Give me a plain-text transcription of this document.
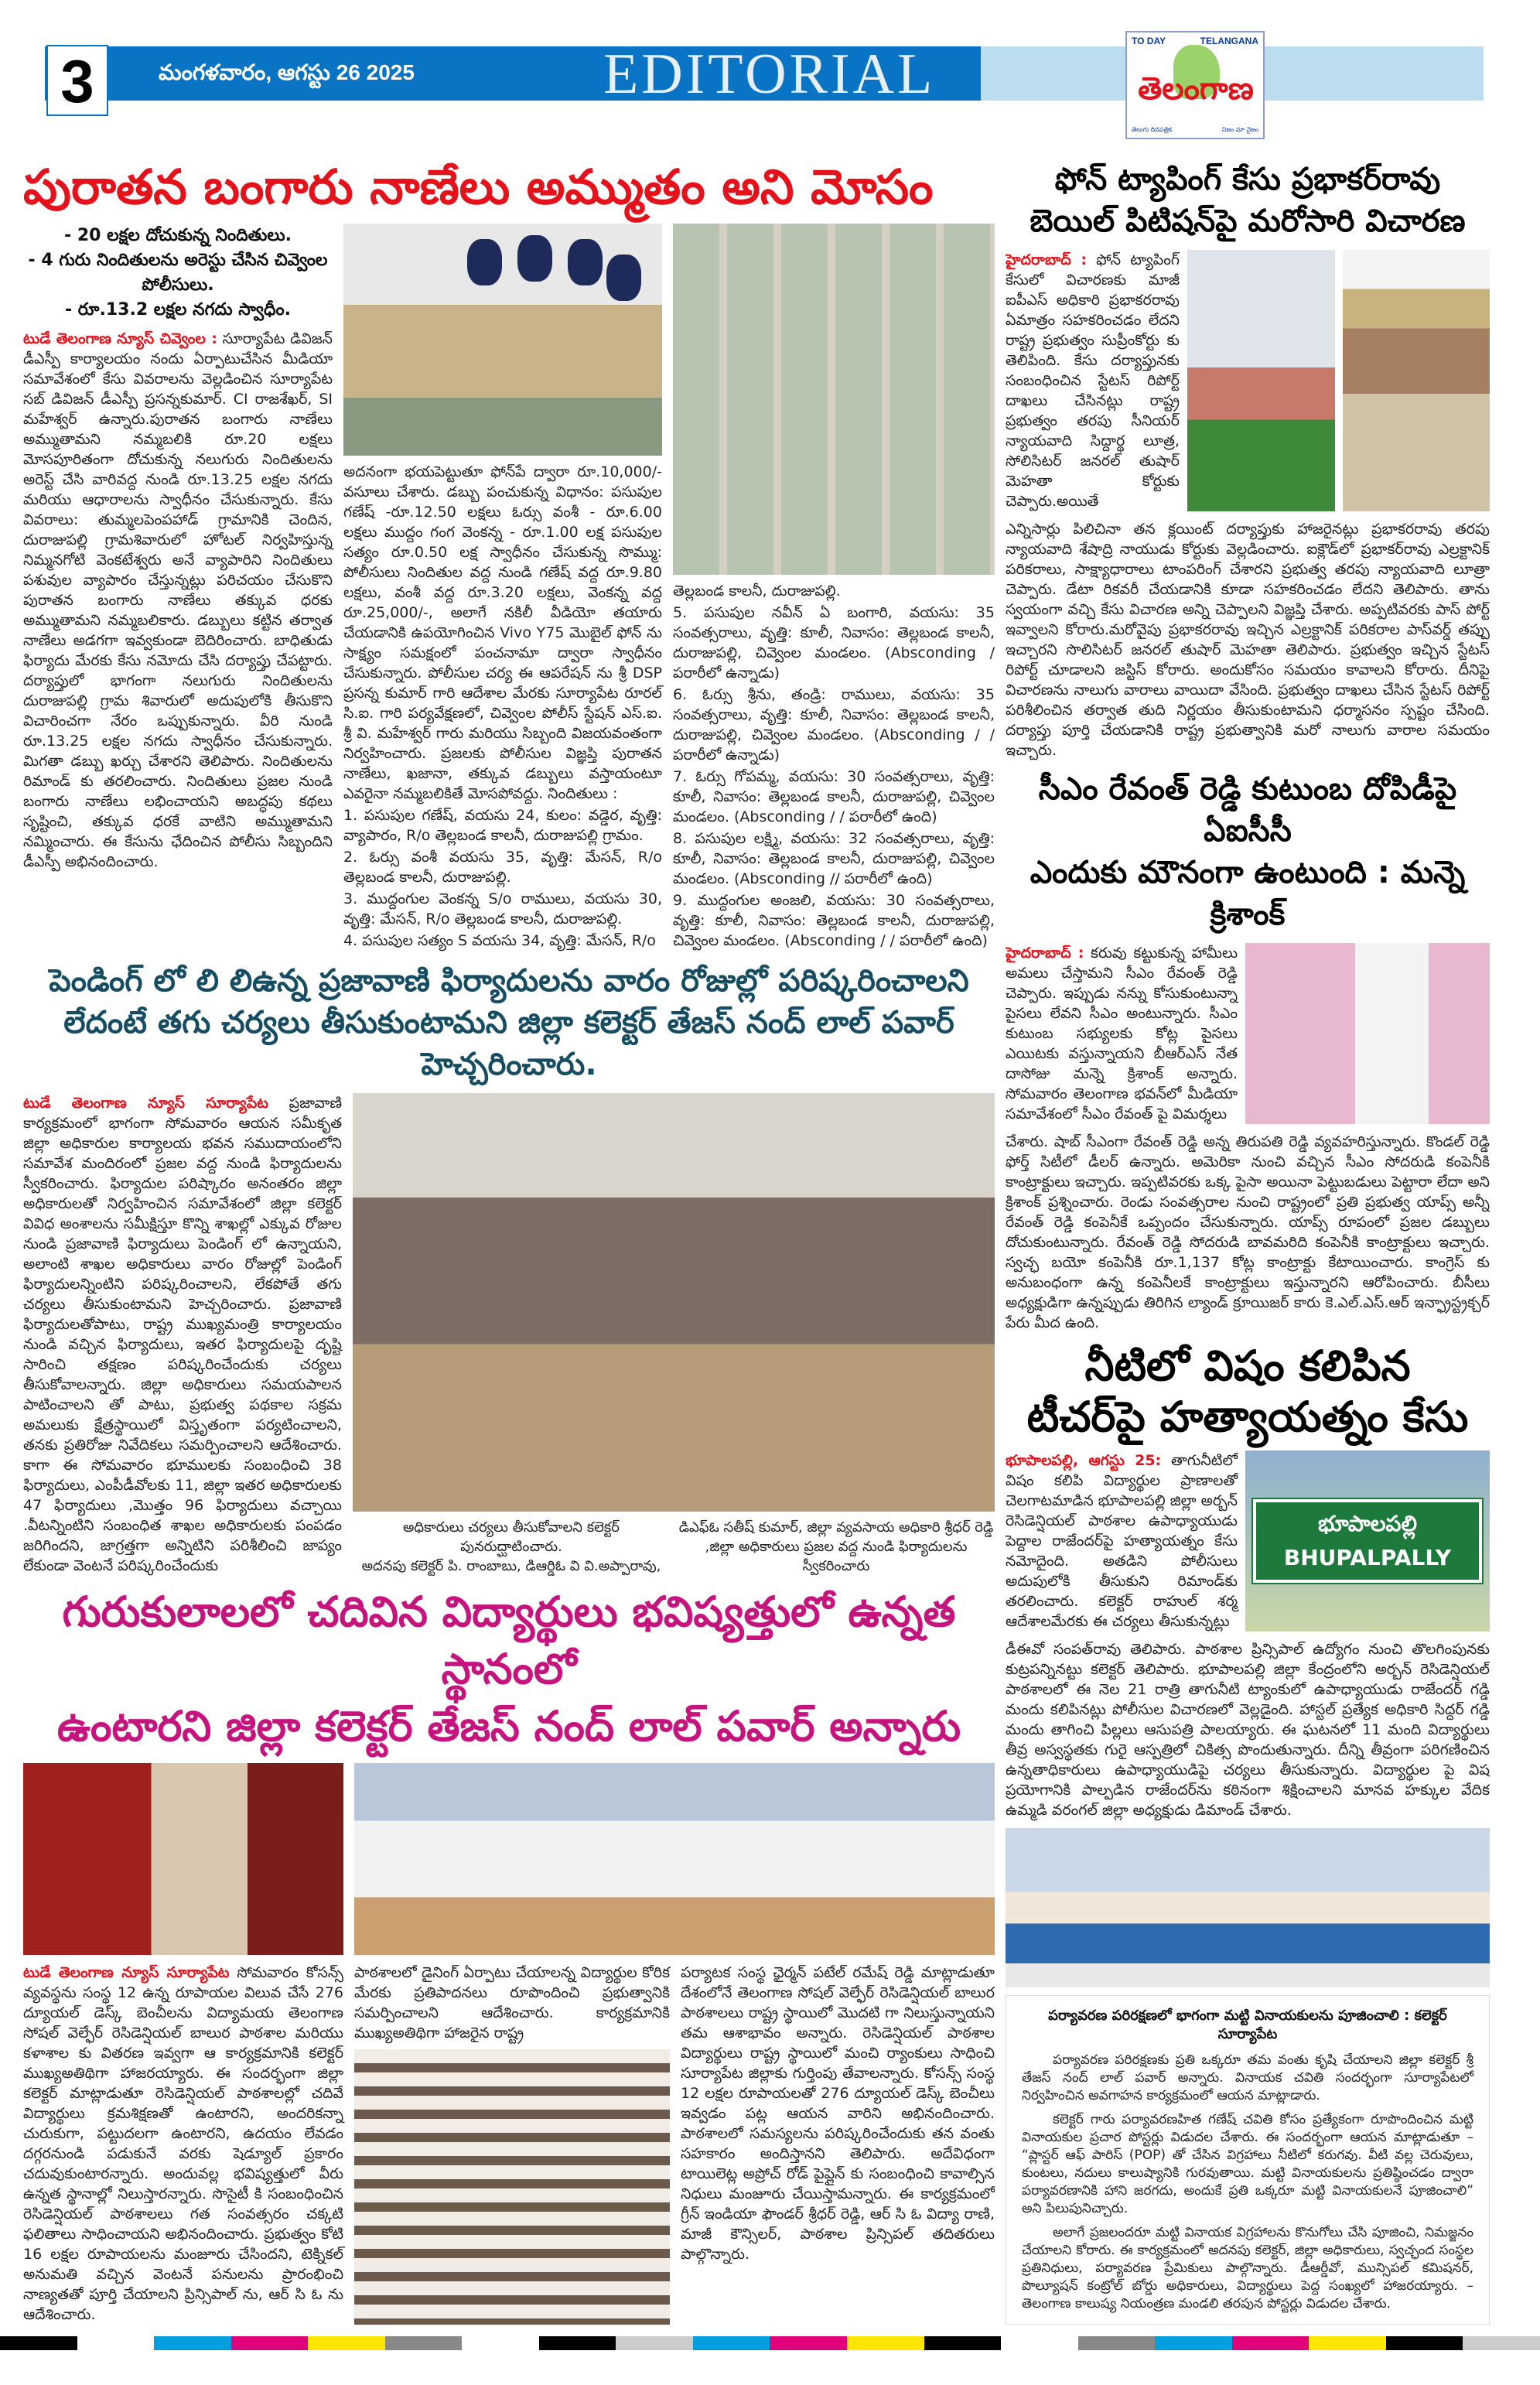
3	మంగళవారం, ఆగస్టు 26 2025	EDITORIAL
TO DAY	TELANGANA
తెలంగాణ
తెలుగు దినపత్రిక	నిజం మా నైజం
పురాతన బంగారు నాణేలు అమ్ముతం అని మోసం
- 20 లక్షల దోచుకున్న నిందితులు.
- 4 గురు నిందితులను అరెస్టు చేసిన చివ్వెంల పోలీసులు.
- రూ.13.2 లక్షల నగదు స్వాధీం.
టుడే తెలంగాణ న్యూస్ చివ్వెంల : సూర్యాపేట డివిజన్ డీఎస్పీ కార్యాలయం నందు ఏర్పాటుచేసిన మీడియా సమావేశంలో కేసు వివరాలను వెల్లడించిన సూర్యాపేట సబ్ డివిజన్ డీఎస్పీ ప్రసన్నకుమార్. CI రాజశేఖర్, SI మహేశ్వర్ ఉన్నారు.పురాతన బంగారు నాణేలు అమ్ముతామని నమ్మబలికి రూ.20 లక్షలు మోసపూరితంగా దోచుకున్న నలుగురు నిందితులను అరెస్ట్ చేసి వారివద్ద నుండి రూ.13.25 లక్షల నగదు మరియు ఆధారాలను స్వాధీనం చేసుకున్నారు. కేసు వివరాలు: తుమ్మలపెంపహాడ్ గ్రామానికి చెందిన, దురాజుపల్లి గ్రామశివారులో హోటల్ నిర్వహిస్తున్న నిమ్మనగోటి వెంకటేశ్వరు అనే వ్యాపారిని నిందితులు పశువుల వ్యాపారం చేస్తున్నట్లు పరిచయం చేసుకొని పురాతన బంగారు నాణేలు తక్కువ ధరకు అమ్ముతామని నమ్మబలికారు. డబ్బులు కట్టిన తర్వాత నాణేలు అడగగా ఇవ్వకుండా బెదిరించారు. బాధితుడు ఫిర్యాదు మేరకు కేసు నమోదు చేసి దర్యాప్తు చేపట్టారు. దర్యాప్తులో భాగంగా నలుగురు నిందితులను దురాజుపల్లి గ్రామ శివారులో అదుపులోకి తీసుకొని విచారించగా నేరం ఒప్పుకున్నారు. వీరి నుండి రూ.13.25 లక్షల నగదు స్వాధీనం చేసుకున్నారు. మిగతా డబ్బు ఖర్చు చేశారని తెలిపారు. నిందితులను రిమాండ్ కు తరలించారు. నిందితులు ప్రజల నుండి బంగారు నాణేలు లభించాయని అబద్ధపు కథలు సృష్టించి, తక్కువ ధరకే వాటిని అమ్ముతామని నమ్మించారు. ఈ కేసును ఛేదించిన పోలీసు సిబ్బందిని డీఎస్పీ అభినందించారు.

అదనంగా భయపెట్టుతూ ఫోన్‌పే ద్వారా రూ.10,000/- వసూలు చేశారు. డబ్బు పంచుకున్న విధానం: పసుపుల గణేష్ -రూ.12.50 లక్షలు ఓర్సు వంశీ - రూ.6.00 లక్షలు ముద్దం గంగ వెంకన్న - రూ.1.00 లక్ష పసుపుల సత్యం రూ.0.50 లక్ష స్వాధీనం చేసుకున్న సొమ్ము: పోలీసులు నిందితుల వద్ద నుండి గణేష్ వద్ద రూ.9.80 లక్షలు, వంశీ వద్ద రూ.3.20 లక్షలు, వెంకన్న వద్ద రూ.25,000/-, అలాగే నకిలీ వీడియో తయారు చేయడానికి ఉపయోగించిన Vivo Y75 మొబైల్ ఫోన్ ను సాక్ష్యం సమక్షంలో పంచనామా ద్వారా స్వాధీనం చేసుకున్నారు. పోలీసుల చర్య ఈ ఆపరేషన్ ను శ్రీ DSP ప్రసన్న కుమార్ గారి ఆదేశాల మేరకు సూర్యాపేట రూరల్ సి.ఐ. గారి పర్యవేక్షణలో, చివ్వెంల పోలీస్ స్టేషన్ ఎస్.ఐ. శ్రీ వి. మహేశ్వర్ గారు మరియు సిబ్బంది విజయవంతంగా నిర్వహించారు. ప్రజలకు పోలీసుల విజ్ఞప్తి పురాతన నాణేలు, ఖజానా, తక్కువ డబ్బులు వస్తాయంటూ ఎవరైనా నమ్మబలికితే మోసపోవద్దు. నిందితులు :

1. పసుపుల గణేష్, వయసు 24, కులం: వడ్డెర, వృత్తి: వ్యాపారం, R/o తెల్లబండ కాలనీ, దురాజుపల్లి గ్రామం.

2. ఓర్సు వంశీ వయసు 35, వృత్తి: మేసన్, R/o తెల్లబండ కాలనీ, దురాజుపల్లి.

3. ముద్దంగుల వెంకన్న S/o రాములు, వయసు 30, వృత్తి: మేసన్, R/o తెల్లబండ కాలనీ, దురాజుపల్లి.

4. పసుపుల సత్యం S వయసు 34, వృత్తి: మేసన్, R/o

తెల్లబండ కాలనీ, దురాజుపల్లి.

5. పసుపుల నవీన్ ఏ బంగారి, వయసు: 35 సంవత్సరాలు, వృత్తి: కూలీ, నివాసం: తెల్లబండ కాలనీ, దురాజుపల్లి, చివ్వెంల మండలం. (Absconding / పరారీలో ఉన్నాడు)

6. ఓర్సు శ్రీను, తండ్రి: రాములు, వయసు: 35 సంవత్సరాలు, వృత్తి: కూలీ, నివాసం: తెల్లబండ కాలనీ, దురాజుపల్లి, చివ్వెంల మండలం. (Absconding / / పరారీలో ఉన్నాడు)

7. ఓర్సు గోపమ్మ, వయసు: 30 సంవత్సరాలు, వృత్తి: కూలీ, నివాసం: తెల్లబండ కాలనీ, దురాజుపల్లి, చివ్వెంల మండలం. (Absconding / / పరారీలో ఉంది)

8. పసుపుల లక్ష్మి, వయసు: 32 సంవత్సరాలు, వృత్తి: కూలీ, నివాసం: తెల్లబండ కాలనీ, దురాజుపల్లి, చివ్వెంల మండలం. (Absconding // పరారీలో ఉంది)

9. ముద్దంగుల అంజలి, వయసు: 30 సంవత్సరాలు, వృత్తి: కూలీ, నివాసం: తెల్లబండ కాలనీ, దురాజుపల్లి, చివ్వెంల మండలం. (Absconding / / పరారీలో ఉంది)

పెండింగ్ లో లి లిఉన్న ప్రజావాణి ఫిర్యాదులను వారం రోజుల్లో పరిష్కరించాలని
లేదంటే తగు చర్యలు తీసుకుంటామని జిల్లా కలెక్టర్ తేజస్ నంద్ లాల్ పవార్ హెచ్చరించారు.
టుడే తెలంగాణ న్యూస్ సూర్యాపేట ప్రజావాణి కార్యక్రమంలో భాగంగా సోమవారం ఆయన సమీకృత జిల్లా అధికారుల కార్యాలయ భవన సముదాయంలోని సమావేశ మందిరంలో ప్రజల వద్ద నుండి ఫిర్యాదులను స్వీకరించారు. ఫిర్యాదుల పరిష్కారం అనంతరం జిల్లా అధికారులతో నిర్వహించిన సమావేశంలో జిల్లా కలెక్టర్ వివిధ అంశాలను సమీక్షిస్తూ కొన్ని శాఖల్లో ఎక్కువ రోజుల నుండి ప్రజావాణి ఫిర్యాదులు పెండింగ్ లో ఉన్నాయని, అలాంటి శాఖల అధికారులు వారం రోజుల్లో పెండింగ్ ఫిర్యాదులన్నింటిని పరిష్కరించాలని, లేకపోతే తగు చర్యలు తీసుకుంటామని హెచ్చరించారు. ప్రజావాణి ఫిర్యాదులతోపాటు, రాష్ట్ర ముఖ్యమంత్రి కార్యాలయం నుండి వచ్చిన ఫిర్యాదులు, ఇతర ఫిర్యాదులపై దృష్టి సారించి తక్షణం పరిష్కరించేందుకు చర్యలు తీసుకోవాలన్నారు. జిల్లా అధికారులు సమయపాలన పాటించాలని తో పాటు, ప్రభుత్వ పథకాల సక్రమ అమలుకు క్షేత్రస్థాయిలో విస్తృతంగా పర్యటించాలని, తనకు ప్రతిరోజు నివేదికలు సమర్పించాలని ఆదేశించారు. కాగా ఈ సోమవారం భూములకు సంబంధించి 38 ఫిర్యాదులు, ఎంపీడీవోలకు 11, జిల్లా ఇతర అధికారులకు 47 ఫిర్యాదులు ,మొత్తం 96 ఫిర్యాదులు వచ్చాయి .వీటన్నింటిని సంబంధిత శాఖల అధికారులకు పంపడం జరిగిందని, జాగ్రత్తగా అన్నిటిని పరిశీలించి జాప్యం లేకుండా వెంటనే పరిష్కరించేందుకు
అధికారులు చర్యలు తీసుకోవాలని కలెక్టర్ పునరుద్ఘాటించారు.
అదనపు కలెక్టర్ పి. రాంబాబు, డిఆర్డిఓ వి వి.అప్పారావు,
డిఎఫ్ఓ సతీష్ కుమార్, జిల్లా వ్యవసాయ అధికారి శ్రీధర్ రెడ్డి
,జిల్లా అధికారులు ప్రజల వద్ద నుండి ఫిర్యాదులను స్వీకరించారు
గురుకులాలలో చదివిన విద్యార్థులు భవిష్యత్తులో ఉన్నత స్థానంలో
ఉంటారని జిల్లా కలెక్టర్ తేజస్ నంద్ లాల్ పవార్ అన్నారు
టుడే తెలంగాణ న్యూస్ సూర్యాపేట సోమవారం కోసన్స్ వ్యవస్థను సంస్థ 12 ఉన్న రూపాయల విలువ చేసే 276 ద్యూయల్ డెస్క్ బెంచీలను విద్యామయ తెలంగాణ సోషల్ వెల్ఫేర్ రెసిడెన్షియల్ బాలుర పాఠశాల మరియు కళాశాల కు వితరణ ఇవ్వగా ఆ కార్యక్రమానికి కలెక్టర్ ముఖ్యఅతిథిగా హాజరయ్యారు. ఈ సందర్భంగా జిల్లా కలెక్టర్ మాట్లాడుతూ రెసిడెన్షియల్ పాఠశాలల్లో చదివే విద్యార్థులు క్రమశిక్షణతో ఉంటారని, అందరికన్నా చురుకుగా, పట్టుదలగా ఉంటారని, ఉదయం లేవడం దగ్గరనుండి పడుకునే వరకు షెడ్యూల్ ప్రకారం చదువుకుంటారన్నారు. అందువల్ల భవిష్యత్తులో వీరు ఉన్నత స్థానాల్లో నిలుస్తారన్నారు. సొసైటీ కి సంబంధించిన రెసిడెన్షియల్ పాఠశాలలు గత సంవత్సరం చక్కటి ఫలితాలు సాధించాయని అభినందించారు. ప్రభుత్వం కోటి 16 లక్షల రూపాయలను మంజూరు చేసిందని, టెక్నికల్ అనుమతి వచ్చిన వెంటనే పనులను ప్రారంభించి నాణ్యతతో పూర్తి చేయాలని ప్రిన్సిపాల్ ను, ఆర్ సి ఓ ను ఆదేశించారు.
పాఠశాలలో డైనింగ్ ఏర్పాటు చేయాలన్న విద్యార్థుల కోరిక మేరకు ప్రతిపాదనలు రూపొందించి ప్రభుత్వానికి సమర్పించాలని ఆదేశించారు. కార్యక్రమానికి ముఖ్యఅతిథిగా హాజరైన రాష్ట్ర
పర్యాటక సంస్థ ఛైర్మన్ పటేల్ రమేష్ రెడ్డి మాట్లాడుతూ దేశంలోనే తెలంగాణ సోషల్ వెల్ఫేర్ రెసిడెన్షియల్ బాలుర పాఠశాలలు రాష్ట్ర స్థాయిలో మొదటి గా నిలుస్తున్నాయని తమ ఆశాభావం అన్నారు. రెసిడెన్షియల్ పాఠశాల విద్యార్థులు రాష్ట్ర స్థాయిలో మంచి ర్యాంకులు సాధించి సూర్యాపేట జిల్లాకు గుర్తింపు తేవాలన్నారు. కోసన్స్ సంస్థ 12 లక్షల రూపాయలతో 276 ద్యూయల్ డెస్క్ బెంచీలు ఇవ్వడం పట్ల ఆయన వారిని అభినందించారు. పాఠశాలలో సమస్యలను పరిష్కరించేందుకు తన వంతు సహకారం అందిస్తానని తెలిపారు. అదేవిధంగా టాయిలెట్ల అప్రోచ్ రోడ్ పైప్లైన్ కు సంబంధించి కావాల్సిన నిధులు మంజూరు చేయిస్తామన్నారు. ఈ కార్యక్రమంలో గ్రీన్ ఇండియా ఫౌండర్ శ్రీధర్ రెడ్డి, ఆర్ సి ఓ విద్యా రాణి, మాజీ కౌన్సిలర్, పాఠశాల ప్రిన్సిపల్ తదితరులు పాల్గొన్నారు.
ఫోన్ ట్యాపింగ్ కేసు ప్రభాకర్‌రావు
బెయిల్ పిటిషన్‌పై మరోసారి విచారణ
హైదరాబాద్ : ఫోన్ ట్యాపింగ్ కేసులో విచారణకు మాజీ ఐపీఎస్ అధికారి ప్రభాకరరావు ఏమాత్రం సహకరించడం లేదని రాష్ట్ర ప్రభుత్వం సుప్రీంకోర్టు కు తెలిపింది. కేసు దర్యాప్తునకు సంబంధించిన స్టేటస్ రిపోర్ట్ దాఖలు చేసినట్లు రాష్ట్ర ప్రభుత్వం తరపు సీనియర్ న్యాయవాది సిద్దార్థ లూత్ర, సోలిసిటర్ జనరల్ తుషార్ మెహతా కోర్టుకు చెప్పారు.అయితే
ఎన్నిసార్లు పిలిచినా తన క్లయింట్ దర్యాప్తుకు హాజరైనట్లు ప్రభాకరరావు తరపు న్యాయవాది శేషాద్రి నాయుడు కోర్టుకు వెల్లడించారు. ఐక్లౌడ్‌లో ప్రభాకర్‌రావు ఎల్రక్టానిక్ పరికరాలు, సాక్ష్యాధారాలు టాంపరింగ్ చేశారని ప్రభుత్వ తరపు న్యాయవాది లూత్రా చెప్పారు. డేటా రికవరీ చేయడానికి కూడా సహకరించడం లేదని తెలిపారు. తాను స్వయంగా వచ్చి కేసు విచారణ అన్ని చెప్పాలని విజ్ఞప్తి చేశారు. అప్పటివరకు పాస్ పోర్ట్ ఇవ్వాలని కోరారు.మరోవైపు ప్రభాకరరావు ఇచ్చిన ఎల్రక్టానిక్ పరికరాల పాస్‌వర్డ్ తప్పు ఇచ్చారని సొలిసిటర్ జనరల్ తుషార్ మెహతా తెలిపారు. ప్రభుత్వం ఇచ్చిన స్టేటస్ రిపోర్ట్ చూడాలని జస్టిస్ కోరారు. అందుకోసం సమయం కావాలని కోరారు. దీనిపై విచారణను నాలుగు వారాలు వాయిదా వేసింది. ప్రభుత్వం దాఖలు చేసిన స్టేటస్ రిపోర్ట్ పరిశీలించిన తర్వాత తుది నిర్ణయం తీసుకుంటామని ధర్మాసనం స్పష్టం చేసింది. దర్యాప్తు పూర్తి చేయడానికి రాష్ట్ర ప్రభుత్వానికి మరో నాలుగు వారాల సమయం ఇచ్చారు.
సీఎం రేవంత్ రెడ్డి కుటుంబ దోపిడీపై ఏఐసీసీ
ఎందుకు మౌనంగా ఉంటుంది : మన్నె క్రిశాంక్
హైదరాబాద్ : కరువు కట్టుకున్న హామీలు అమలు చేస్తామని సీఎం రేవంత్ రెడ్డి చెప్పారు. ఇప్పుడు నన్ను కోసుకుంటున్నా పైసలు లేవని సీఎం అంటున్నారు. సీఎం కుటుంబ సభ్యులకు కోట్ల పైసలు ఎయిటకు వస్తున్నాయని బీఆర్ఎస్ నేత దాసోజు మన్నె క్రిశాంక్ అన్నారు. సోమవారం తెలంగాణ భవన్‌లో మీడియా సమావేశంలో సీఎం రేవంత్ పై విమర్శలు
చేశారు. షాబ్ సీఎంగా రేవంత్ రెడ్డి అన్న తిరుపతి రెడ్డి వ్యవహరిస్తున్నారు. కొండల్ రెడ్డి ఫోర్త్ సిటీలో డీలర్ ఉన్నారు. అమెరికా నుంచి వచ్చిన సీఎం సోదరుడి కంపెనీకి కాంట్రాక్టులు ఇచ్చారు. ఇప్పటివరకు ఒక్క పైసా అయినా పెట్టుబడులు పెట్టారా లేదా అని క్రిశాంక్ ప్రశ్నించారు. రెండు సంవత్సరాల నుంచి రాష్ట్రంలో ప్రతి ప్రభుత్వ యాప్స్ అన్నీ రేవంత్ రెడ్డి కంపెనీకే ఒప్పందం చేసుకున్నారు. యాప్స్ రూపంలో ప్రజల డబ్బులు దోచుకుంటున్నారు. రేవంత్ రెడ్డి సోదరుడి బావమరిది కంపెనీకి కాంట్రాక్టులు ఇచ్చారు. స్వచ్ఛ బయో కంపెనీకి రూ.1,137 కోట్ల కాంట్రాక్టు కేటాయించారు. కాంగ్రెస్ కు అనుబంధంగా ఉన్న కంపెనీలకే కాంట్రాక్టులు ఇస్తున్నారని ఆరోపించారు. బీసీలు అధ్యక్షుడిగా ఉన్నప్పుడు తిరిగిన ల్యాండ్ క్రూయిజర్ కారు కె.ఎల్.ఎస్.ఆర్ ఇన్ఫ్రాస్ట్రక్చర్ పేరు మీద ఉంది.
నీటిలో విషం కలిపిన
టీచర్‌పై హత్యాయత్నం కేసు
భూపాలపల్లి, ఆగస్టు 25: తాగునీటిలో విషం కలిపి విద్యార్థుల ప్రాణాలతో చెలగాటమాడిన భూపాలపల్లి జిల్లా అర్బన్ రెసిడెన్షియల్ పాఠశాల ఉపాధ్యాయుడు పెద్దాల రాజేందర్‌పై హత్యాయత్నం కేసు నమోదైంది. అతడిని పోలీసులు అదుపులోకి తీసుకుని రిమాండ్‌కు తరలించారు. కలెక్టర్ రాహుల్ శర్మ ఆదేశాలమేరకు ఈ చర్యలు తీసుకున్నట్లు
భూపాలపల్లి
BHUPALPALLY
డీఈవో సంపత్‌రావు తెలిపారు. పాఠశాల ప్రిన్సిపాల్ ఉద్యోగం నుంచి తొలగింపునకు కుట్రపన్నినట్టు కలెక్టర్ తెలిపారు. భూపాలపల్లి జిల్లా కేంద్రంలోని అర్బన్ రెసిడెన్షియల్ పాఠశాలలో ఈ నెల 21 రాత్రి తాగునీటి ట్యాంకులో ఉపాధ్యాయుడు రాజేందర్ గడ్డి మందు కలిపినట్లు పోలీసుల విచారణలో వెల్లడైంది. హాస్టల్ ప్రత్యేక అధికారి సిద్దర్ గడ్డి మందు తాగించి పిల్లలు ఆసుపత్రి పాలయ్యారు. ఈ ఘటనలో 11 మంది విద్యార్థులు తీవ్ర అస్వస్థతకు గురై ఆస్పత్రిలో చికిత్స పొందుతున్నారు. దీన్ని తీవ్రంగా పరిగణించిన ఉన్నతాధికారులు ఉపాధ్యాయుడిపై చర్యలు తీసుకున్నారు. విద్యార్థుల పై విష ప్రయోగానికి పాల్పడిన రాజేందర్‌ను కఠినంగా శిక్షించాలని మానవ హక్కుల వేదిక ఉమ్మడి వరంగల్ జిల్లా అధ్యక్షుడు డిమాండ్ చేశారు.
పర్యావరణ పరిరక్షణలో భాగంగా మట్టి వినాయకులను పూజించాలి : కలెక్టర్ సూర్యాపేట

పర్యావరణ పరిరక్షణకు ప్రతి ఒక్కరూ తమ వంతు కృషి చేయాలని జిల్లా కలెక్టర్ శ్రీ తేజస్ నంద్ లాల్ పవార్ అన్నారు. వినాయక చవితి సందర్భంగా సూర్యాపేటలో నిర్వహించిన అవగాహన కార్యక్రమంలో ఆయన మాట్లాడారు.

కలెక్టర్ గారు పర్యావరణహిత గణేష్ చవితి కోసం ప్రత్యేకంగా రూపొందించిన మట్టి వినాయకుల ప్రచార పోస్టర్లు విడుదల చేశారు. ఈ సందర్భంగా ఆయన మాట్లాడుతూ – “ప్లాస్టర్ ఆఫ్ పారిస్ (POP) తో చేసిన విగ్రహాలు నీటిలో కరుగవు. వీటి వల్ల చెరువులు, కుంటలు, నదులు కాలుష్యానికి గురవుతాయి. మట్టి వినాయకులను ప్రతిష్ఠించడం ద్వారా పర్యావరణానికి హాని జరగదు, అందుకే ప్రతి ఒక్కరూ మట్టి వినాయకులనే పూజించాలి” అని పిలుపునిచ్చారు.

అలాగే ప్రజలందరూ మట్టి వినాయక విగ్రహాలను కొనుగోలు చేసి పూజించి, నిమజ్జనం చేయాలని కోరారు. ఈ కార్యక్రమంలో అదనపు కలెక్టర్, జిల్లా అధికారులు, స్వచ్ఛంద సంస్థల ప్రతినిధులు, పర్యావరణ ప్రేమికులు పాల్గొన్నారు. డీఆర్డీవో, మున్సిపల్ కమిషనర్, పొల్యూషన్ కంట్రోల్ బోర్డు అధికారులు, విద్యార్థులు పెద్ద సంఖ్యలో హాజరయ్యారు. – తెలంగాణ కాలుష్య నియంత్రణ మండలి తరపున పోస్టర్లు విడుదల చేశారు.
